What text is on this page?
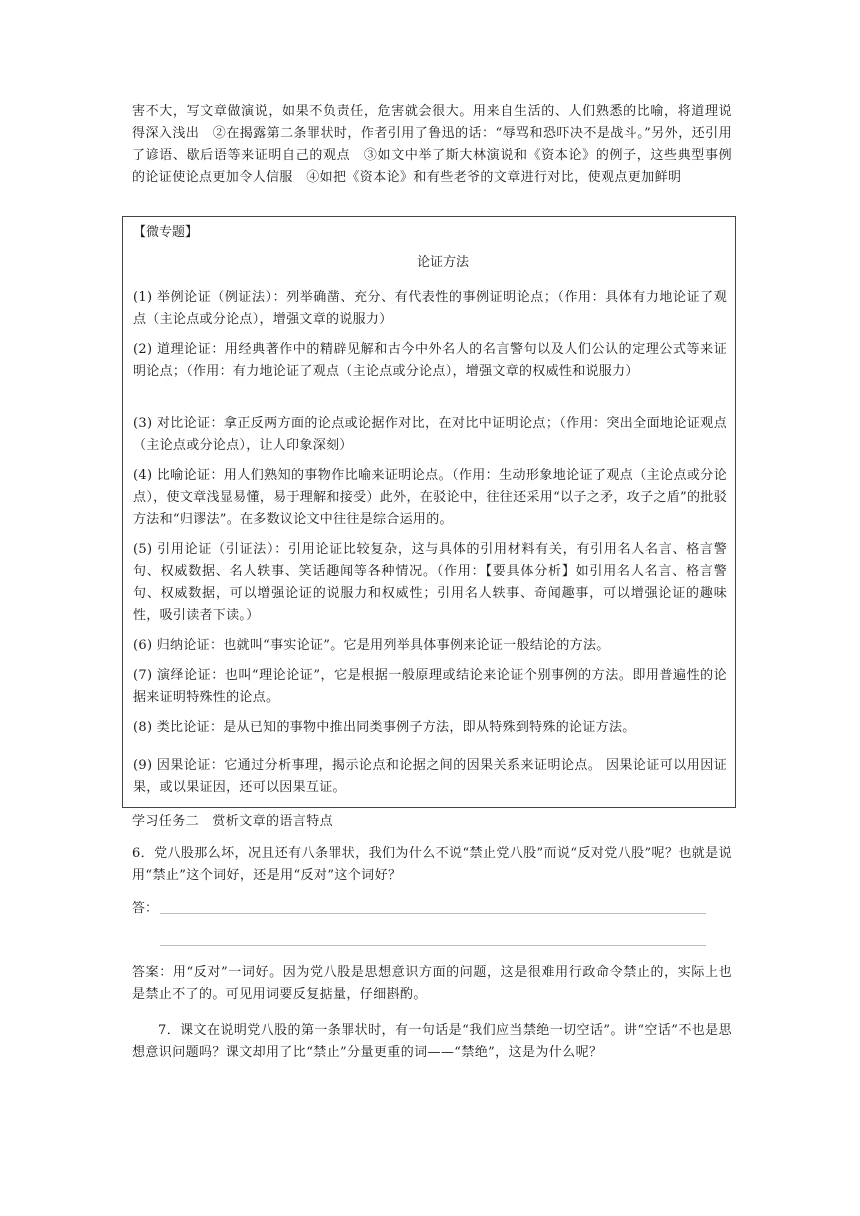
害不大，写文章做演说，如果不负责任，危害就会很大。用来自生活的、人们熟悉的比喻，将道理说得深入浅出　②在揭露第二条罪状时，作者引用了鲁迅的话：“辱骂和恐吓决不是战斗。”另外，还引用了谚语、歇后语等来证明自己的观点　③如文中举了斯大林演说和《资本论》的例子，这些典型事例的论证使论点更加令人信服　④如把《资本论》和有些老爷的文章进行对比，使观点更加鲜明

【微专题】
论证方法

(1) 举例论证（例证法）：列举确凿、充分、有代表性的事例证明论点；（作用：具体有力地论证了观点（主论点或分论点），增强文章的说服力）

(2) 道理论证：用经典著作中的精辟见解和古今中外名人的名言警句以及人们公认的定理公式等来证明论点；（作用：有力地论证了观点（主论点或分论点），增强文章的权威性和说服力）

(3) 对比论证：拿正反两方面的论点或论据作对比，在对比中证明论点；（作用：突出全面地论证观点（主论点或分论点），让人印象深刻）

(4) 比喻论证：用人们熟知的事物作比喻来证明论点。（作用：生动形象地论证了观点（主论点或分论点），使文章浅显易懂，易于理解和接受）此外，在驳论中，往往还采用“以子之矛，攻子之盾”的批驳方法和“归谬法”。在多数议论文中往往是综合运用的。

(5) 引用论证（引证法）：引用论证比较复杂，这与具体的引用材料有关，有引用名人名言、格言警句、权威数据、名人轶事、笑话趣闻等各种情况。（作用：【要具体分析】如引用名人名言、格言警句、权威数据，可以增强论证的说服力和权威性；引用名人轶事、奇闻趣事，可以增强论证的趣味性，吸引读者下读。）

(6) 归纳论证：也就叫“事实论证”。它是用列举具体事例来论证一般结论的方法。

(7) 演绎论证：也叫“理论论证”，它是根据一般原理或结论来论证个别事例的方法。即用普遍性的论据来证明特殊性的论点。

(8) 类比论证：是从已知的事物中推出同类事例子方法，即从特殊到特殊的论证方法。

(9) 因果论证：它通过分析事理，揭示论点和论据之间的因果关系来证明论点。 因果论证可以用因证果，或以果证因，还可以因果互证。

学习任务二　赏析文章的语言特点

6．党八股那么坏，况且还有八条罪状，我们为什么不说“禁止党八股”而说“反对党八股”呢？也就是说用“禁止”这个词好，还是用“反对”这个词好？

答：

答案：用“反对”一词好。因为党八股是思想意识方面的问题，这是很难用行政命令禁止的，实际上也是禁止不了的。可见用词要反复掂量，仔细斟酌。

7．课文在说明党八股的第一条罪状时，有一句话是“我们应当禁绝一切空话”。讲“空话”不也是思想意识问题吗？课文却用了比“禁止”分量更重的词——“禁绝”，这是为什么呢？
